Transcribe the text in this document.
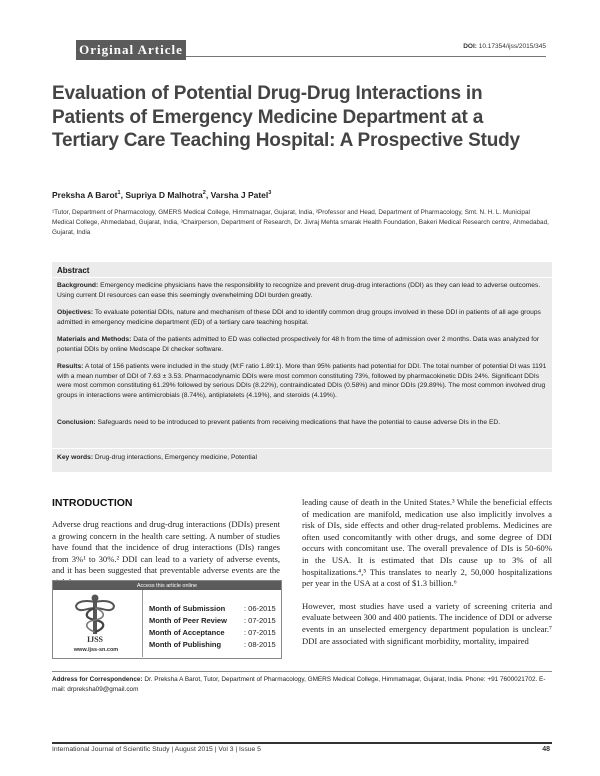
Original Article	DOI: 10.17354/ijss/2015/345
Evaluation of Potential Drug-Drug Interactions in Patients of Emergency Medicine Department at a Tertiary Care Teaching Hospital: A Prospective Study
Preksha A Barot$^1$, Supriya D Malhotra$^2$, Varsha J Patel$^3$
¹Tutor, Department of Pharmacology, GMERS Medical College, Himmatnagar, Gujarat, India, ²Professor and Head, Department of Pharmacology, Smt. N. H. L. Municipal Medical College, Ahmedabad, Gujarat, India, ³Chairperson, Department of Research, Dr. Jivraj Mehta smarak Health Foundation, Bakeri Medical Research centre, Ahmedabad, Gujarat, India
Abstract
Background: Emergency medicine physicians have the responsibility to recognize and prevent drug-drug interactions (DDI) as they can lead to adverse outcomes. Using current DI resources can ease this seemingly overwhelming DDI burden greatly.
Objectives: To evaluate potential DDIs, nature and mechanism of these DDI and to identify common drug groups involved in these DDI in patients of all age groups admitted in emergency medicine department (ED) of a tertiary care teaching hospital.
Materials and Methods: Data of the patients admitted to ED was collected prospectively for 48 h from the time of admission over 2 months. Data was analyzed for potential DDIs by online Medscape DI checker software.
Results: A total of 156 patients were included in the study (M:F ratio 1.89:1). More than 95% patients had potential for DDI. The total number of potential DI was 1191 with a mean number of DDI of 7.63 ± 3.53. Pharmacodynamic DDIs were most common constituting 73%, followed by pharmacokinetic DDIs 24%. Significant DDIs were most common constituting 61.29% followed by serious DDIs (8.22%), contraindicated DDIs (0.58%) and minor DDIs (29.89%). The most common involved drug groups in interactions were antimicrobials (8.74%), antiplatelets (4.19%), and steroids (4.19%).
Conclusion: Safeguards need to be introduced to prevent patients from receiving medications that have the potential to cause adverse DIs in the ED.
Key words: Drug-drug interactions, Emergency medicine, Potential
INTRODUCTION

Adverse drug reactions and drug-drug interactions (DDIs) present a growing concern in the health care setting. A number of studies have found that the incidence of drug interactions (DIs) ranges from 3%¹ to 30%.² DDI can lead to a variety of adverse events, and it has been suggested that preventable adverse events are the

leading cause of death in the United States.³ While the beneficial effects of medication are manifold, medication use also implicitly involves a risk of DIs, side effects and other drug-related problems. Medicines are often used concomitantly with other drugs, and some degree of DDI occurs with concomitant use. The overall prevalence of DIs is 50-60% in the USA. It is estimated that DIs cause up to 3% of all hospitalizations.⁴,⁵ This translates to nearly 2, 50,000 hospitalizations per year in the USA at a cost of $1.3 billion.⁶

However, most studies have used a variety of screening criteria and evaluate between 300 and 400 patients. The incidence of DDI or adverse events in an unselected emergency department population is unclear.⁷ DDI are associated with significant morbidity, mortality, impaired

Access this article online
IJSS
www.ijss-sn.com
Month of Submission	: 06-2015
Month of Peer Review : 07-2015
Month of Acceptance	: 07-2015
Month of Publishing	: 08-2015
Address for Correspondence: Dr. Preksha A Barot, Tutor, Department of Pharmacology, GMERS Medical College, Himmatnagar, Gujarat, India. Phone: +91 7600021702. E-mail: drpreksha09@gmail.com
International Journal of Scientific Study | August 2015 | Vol 3 | Issue 5	48
